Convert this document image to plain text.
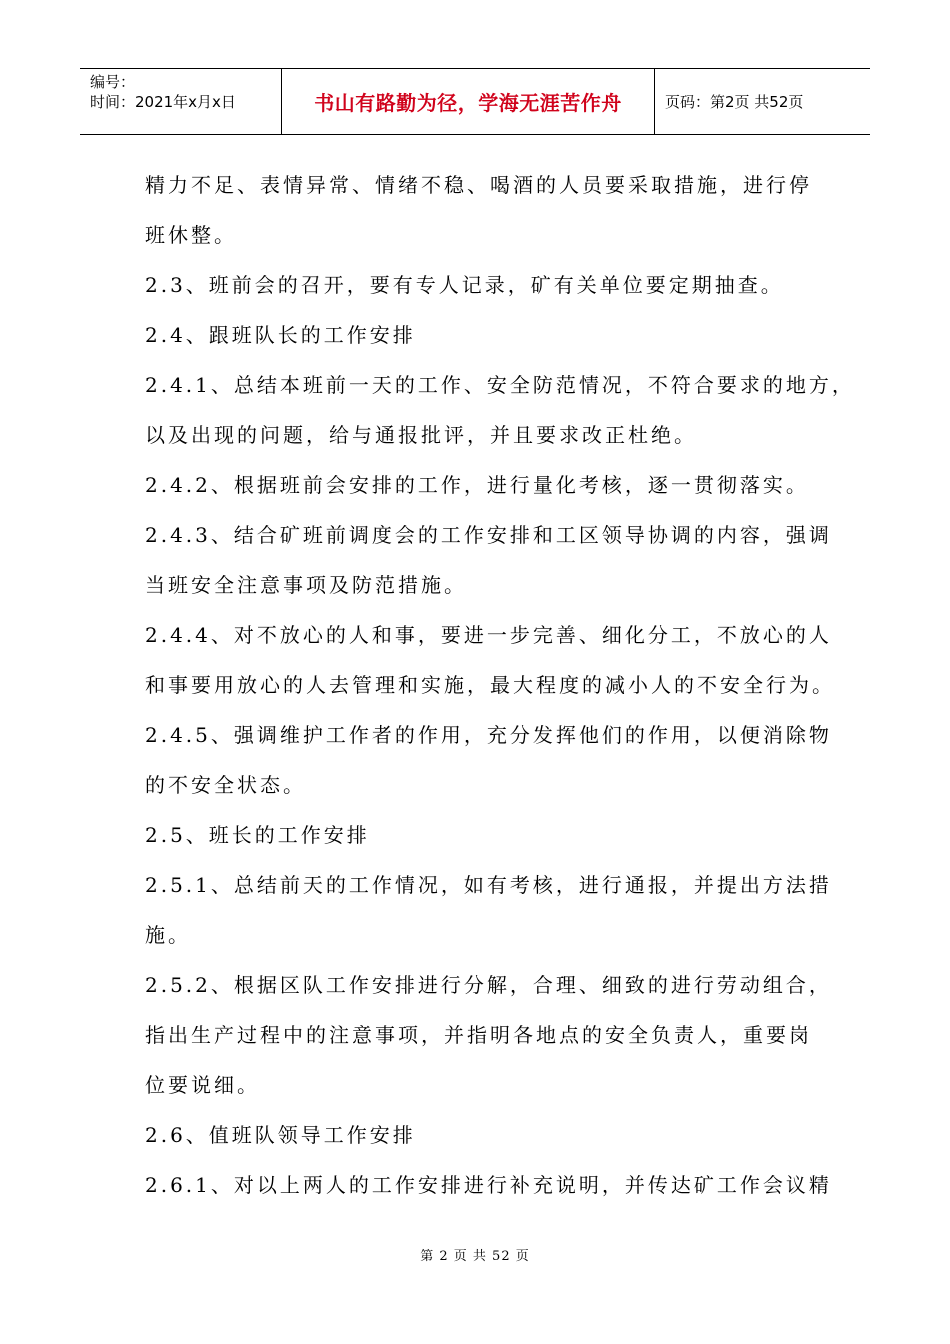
编号：
时间：2021年x月x日	书山有路勤为径，学海无涯苦作舟	页码：第2页 共52页
精力不足、表情异常、情绪不稳、喝酒的人员要采取措施，进行停
班休整。
2.3、班前会的召开，要有专人记录，矿有关单位要定期抽查。
2.4、跟班队长的工作安排
2.4.1、总结本班前一天的工作、安全防范情况，不符合要求的地方，
以及出现的问题，给与通报批评，并且要求改正杜绝。
2.4.2、根据班前会安排的工作，进行量化考核，逐一贯彻落实。
2.4.3、结合矿班前调度会的工作安排和工区领导协调的内容，强调
当班安全注意事项及防范措施。
2.4.4、对不放心的人和事，要进一步完善、细化分工，不放心的人
和事要用放心的人去管理和实施，最大程度的减小人的不安全行为。
2.4.5、强调维护工作者的作用，充分发挥他们的作用，以便消除物
的不安全状态。
2.5、班长的工作安排
2.5.1、总结前天的工作情况，如有考核，进行通报，并提出方法措
施。
2.5.2、根据区队工作安排进行分解，合理、细致的进行劳动组合，
指出生产过程中的注意事项，并指明各地点的安全负责人，重要岗
位要说细。
2.6、值班队领导工作安排
2.6.1、对以上两人的工作安排进行补充说明，并传达矿工作会议精
第 2 页 共 52 页
